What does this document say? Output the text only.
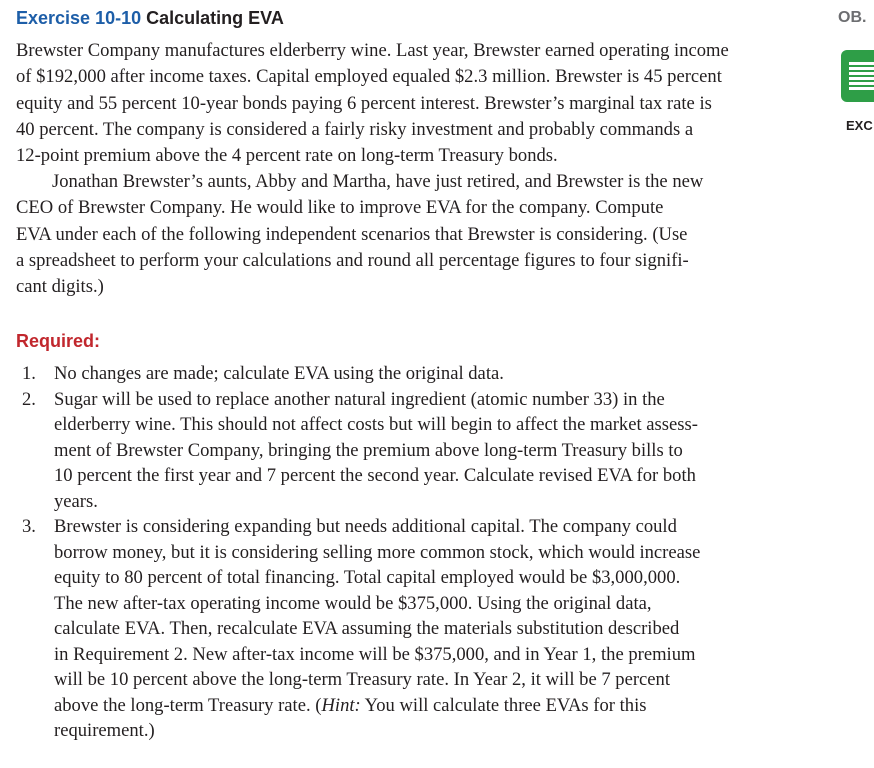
Exercise 10-10 Calculating EVA	OB.
EXC
Brewster Company manufactures elderberry wine. Last year, Brewster earned operating income
of $192,000 after income taxes. Capital employed equaled $2.3 million. Brewster is 45 percent
equity and 55 percent 10-year bonds paying 6 percent interest. Brewster’s marginal tax rate is
40 percent. The company is considered a fairly risky investment and probably commands a
12-point premium above the 4 percent rate on long-term Treasury bonds.
Jonathan Brewster’s aunts, Abby and Martha, have just retired, and Brewster is the new
CEO of Brewster Company. He would like to improve EVA for the company. Compute
EVA under each of the following independent scenarios that Brewster is considering. (Use
a spreadsheet to perform your calculations and round all percentage figures to four signifi-
cant digits.)
Required:
1. No changes are made; calculate EVA using the original data.
2. Sugar will be used to replace another natural ingredient (atomic number 33) in the
elderberry wine. This should not affect costs but will begin to affect the market assess-
ment of Brewster Company, bringing the premium above long-term Treasury bills to
10 percent the first year and 7 percent the second year. Calculate revised EVA for both
years.
3. Brewster is considering expanding but needs additional capital. The company could
borrow money, but it is considering selling more common stock, which would increase
equity to 80 percent of total financing. Total capital employed would be $3,000,000.
The new after-tax operating income would be $375,000. Using the original data,
calculate EVA. Then, recalculate EVA assuming the materials substitution described
in Requirement 2. New after-tax income will be $375,000, and in Year 1, the premium
will be 10 percent above the long-term Treasury rate. In Year 2, it will be 7 percent
above the long-term Treasury rate. (Hint: You will calculate three EVAs for this
requirement.)
